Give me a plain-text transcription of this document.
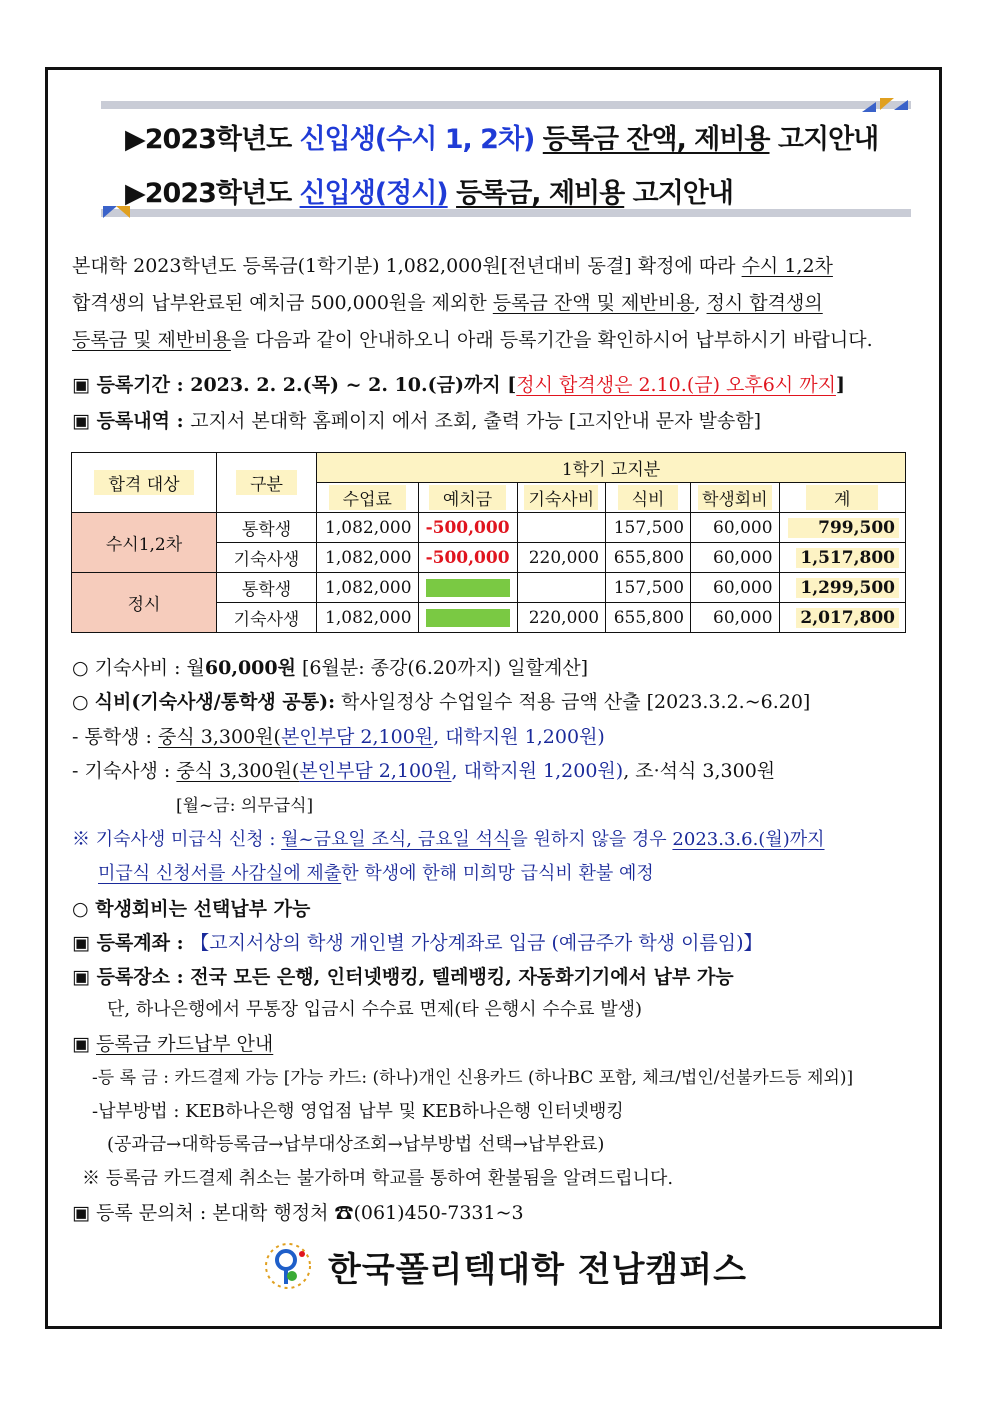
▶2023학년도 신입생(수시 1, 2차) 등록금 잔액, 제비용 고지안내
▶2023학년도 신입생(정시) 등록금, 제비용 고지안내
본대학 2023학년도 등록금(1학기분) 1,082,000원[전년대비 동결] 확정에 따라 수시 1,2차
합격생의 납부완료된 예치금 500,000원을 제외한 등록금 잔액 및 제반비용, 정시 합격생의
등록금 및 제반비용을 다음과 같이 안내하오니 아래 등록기간을 확인하시어 납부하시기 바랍니다.
▣ 등록기간 : 2023. 2. 2.(목) ~ 2. 10.(금)까지 [정시 합격생은 2.10.(금) 오후6시 까지]
▣ 등록내역 : 고지서 본대학 홈페이지 에서 조회, 출력 가능 [고지안내 문자 발송함]
합격 대상	구분	1학기 고지분					
		수업료	예치금	기숙사비	식비	학생회비	계
수시1,2차	통학생	1,082,000	-500,000		157,500	60,000	799,500
	기숙사생	1,082,000	-500,000	220,000	655,800	60,000	1,517,800
정시	통학생	1,082,000			157,500	60,000	1,299,500
	기숙사생	1,082,000		220,000	655,800	60,000	2,017,800
○ 기숙사비 : 월60,000원 [6월분: 종강(6.20까지) 일할계산]
○ 식비(기숙사생/통학생 공통): 학사일정상 수업일수 적용 금액 산출 [2023.3.2.~6.20]
- 통학생 : 중식 3,300원(본인부담 2,100원, 대학지원 1,200원)
- 기숙사생 : 중식 3,300원(본인부담 2,100원, 대학지원 1,200원), 조·석식 3,300원
[월~금: 의무급식]
※ 기숙사생 미급식 신청 : 월~금요일 조식, 금요일 석식을 원하지 않을 경우 2023.3.6.(월)까지
미급식 신청서를 사감실에 제출한 학생에 한해 미희망 급식비 환불 예정
○ 학생회비는 선택납부 가능
▣ 등록계좌 : 【고지서상의 학생 개인별 가상계좌로 입금 (예금주가 학생 이름임)】
▣ 등록장소 : 전국 모든 은행, 인터넷뱅킹, 텔레뱅킹, 자동화기기에서 납부 가능
단, 하나은행에서 무통장 입금시 수수료 면제(타 은행시 수수료 발생)
▣ 등록금 카드납부 안내
-등 록 금 : 카드결제 가능 [가능 카드: (하나)개인 신용카드 (하나BC 포함, 체크/법인/선불카드등 제외)]
-납부방법 : KEB하나은행 영업점 납부 및 KEB하나은행 인터넷뱅킹
(공과금→대학등록금→납부대상조회→납부방법 선택→납부완료)
※ 등록금 카드결제 취소는 불가하며 학교를 통하여 환불됨을 알려드립니다.
▣ 등록 문의처 : 본대학 행정처 ☎(061)450-7331~3
한국폴리텍대학 전남캠퍼스
